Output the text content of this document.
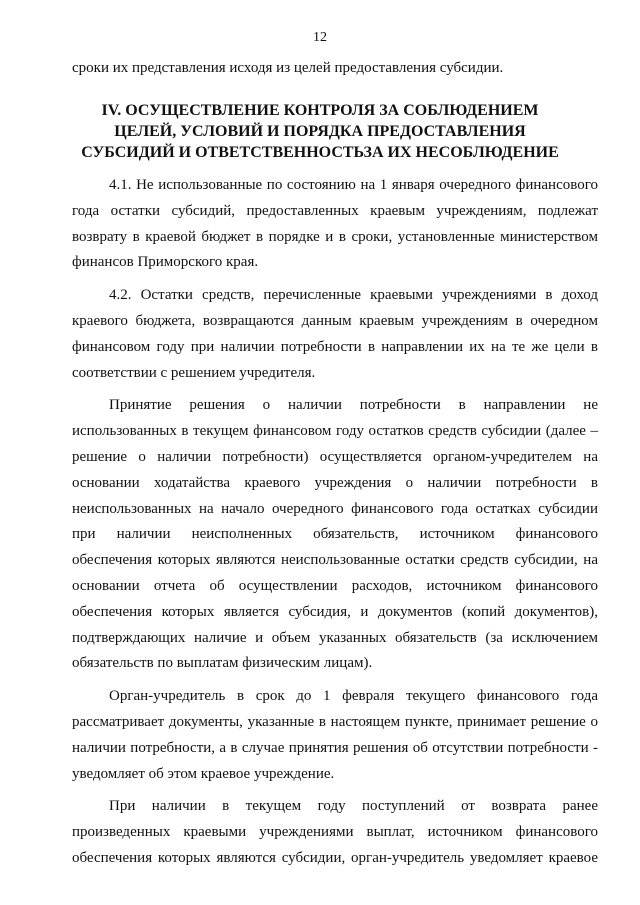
12
сроки их представления исходя из целей предоставления субсидии.
IV. ОСУЩЕСТВЛЕНИЕ КОНТРОЛЯ ЗА СОБЛЮДЕНИЕМ
ЦЕЛЕЙ, УСЛОВИЙ И ПОРЯДКА ПРЕДОСТАВЛЕНИЯ
СУБСИДИЙ И ОТВЕТСТВЕННОСТЬЗА ИХ НЕСОБЛЮДЕНИЕ
4.1. Не использованные по состоянию на 1 января очередного финансового
года остатки субсидий, предоставленных краевым учреждениям, подлежат
возврату в краевой бюджет в порядке и в сроки, установленные министерством
финансов Приморского края.
4.2. Остатки средств, перечисленные краевыми учреждениями в доход
краевого бюджета, возвращаются данным краевым учреждениям в очередном
финансовом году при наличии потребности в направлении их на те же цели в
соответствии с решением учредителя.
Принятие решения о наличии потребности в направлении не
использованных в текущем финансовом году остатков средств субсидии (далее –
решение о наличии потребности) осуществляется органом-учредителем на
основании ходатайства краевого учреждения о наличии потребности в
неиспользованных на начало очередного финансового года остатках субсидии
при наличии неисполненных обязательств, источником финансового
обеспечения которых являются неиспользованные остатки средств субсидии, на
основании отчета об осуществлении расходов, источником финансового
обеспечения которых является субсидия, и документов (копий документов),
подтверждающих наличие и объем указанных обязательств (за исключением
обязательств по выплатам физическим лицам).
Орган-учредитель в срок до 1 февраля текущего финансового года
рассматривает документы, указанные в настоящем пункте, принимает решение о
наличии потребности, а в случае принятия решения об отсутствии потребности -
уведомляет об этом краевое учреждение.
При наличии в текущем году поступлений от возврата ранее
произведенных краевыми учреждениями выплат, источником финансового
обеспечения которых являются субсидии, орган-учредитель уведомляет краевое
